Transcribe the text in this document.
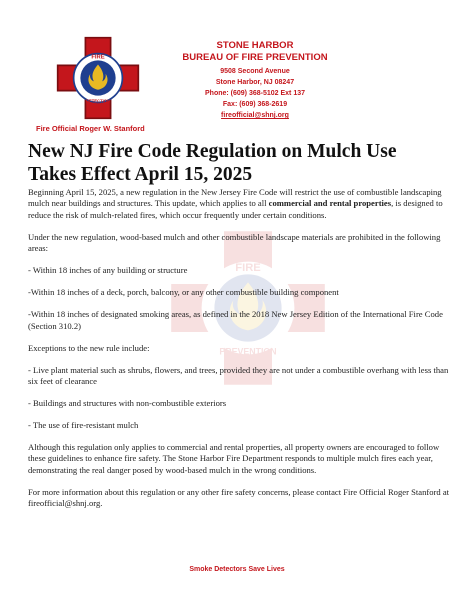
FIRE
DETECTION
Fire Official Roger W. Stanford
STONE HARBOR
BUREAU OF FIRE PREVENTION
9508 Second Avenue
Stone Harbor, NJ 08247
Phone: (609) 368-5102 Ext 137
Fax: (609) 368-2619
fireofficial@shnj.org
New NJ Fire Code Regulation on Mulch Use Takes Effect April 15, 2025
FIRE
PREVENTION

Beginning April 15, 2025, a new regulation in the New Jersey Fire Code will restrict the use of combustible landscaping mulch near buildings and structures. This update, which applies to all commercial and rental properties, is designed to reduce the risk of mulch-related fires, which occur frequently under certain conditions.

Under the new regulation, wood-based mulch and other combustible landscape materials are prohibited in the following areas:

- Within 18 inches of any building or structure

-Within 18 inches of a deck, porch, balcony, or any other combustible building component

-Within 18 inches of designated smoking areas, as defined in the 2018 New Jersey Edition of the International Fire Code (Section 310.2)

Exceptions to the new rule include:

- Live plant material such as shrubs, flowers, and trees, provided they are not under a combustible overhang with less than six feet of clearance

- Buildings and structures with non-combustible exteriors

- The use of fire-resistant mulch

Although this regulation only applies to commercial and rental properties, all property owners are encouraged to follow these guidelines to enhance fire safety. The Stone Harbor Fire Department responds to multiple mulch fires each year, demonstrating the real danger posed by wood-based mulch in the wrong conditions.

For more information about this regulation or any other fire safety concerns, please contact Fire Official Roger Stanford at fireofficial@shnj.org.

Smoke Detectors Save Lives
